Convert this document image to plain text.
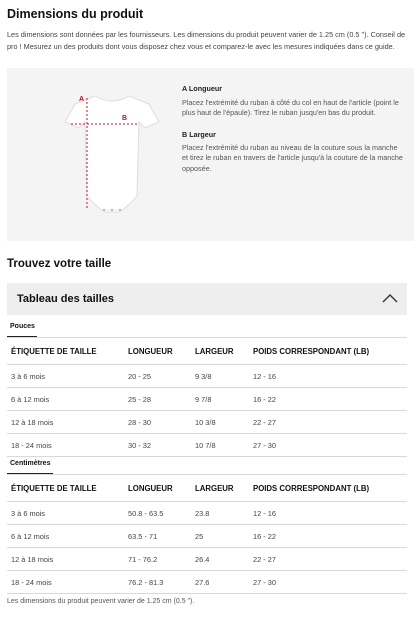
Dimensions du produit
Les dimensions sont données par les fournisseurs. Les dimensions du produit peuvent varier de 1.25 cm (0.5 "). Conseil de pro ! Mesurez un des produits dont vous disposez chez vous et comparez-le avec les mesures indiquées dans ce guide.
A
B
A Longueur
Placez l'extrémité du ruban à côté du col en haut de l'article (point le plus haut de l'épaule). Tirez le ruban jusqu'en bas du produit.
B Largeur
Placez l'extrémité du ruban au niveau de la couture sous la manche et tirez le ruban en travers de l'article jusqu'à la couture de la manche opposée.
Trouvez votre taille
Tableau des tailles
Pouces
ÉTIQUETTE DE TAILLE	LONGUEUR	LARGEUR	POIDS CORRESPONDANT (LB)
3 à 6 mois	20 - 25	9 3/8	12 - 16
6 à 12 mois	25 - 28	9 7/8	16 - 22
12 à 18 mois	28 - 30	10 3/8	22 - 27
18 - 24 mois	30 - 32	10 7/8	27 - 30
Centimètres
ÉTIQUETTE DE TAILLE	LONGUEUR	LARGEUR	POIDS CORRESPONDANT (LB)
3 à 6 mois	50.8 - 63.5	23.8	12 - 16
6 à 12 mois	63.5 - 71	25	16 - 22
12 à 18 mois	71 - 76.2	26.4	22 - 27
18 - 24 mois	76.2 - 81.3	27.6	27 - 30
Les dimensions du produit peuvent varier de 1.25 cm (0.5 ").
